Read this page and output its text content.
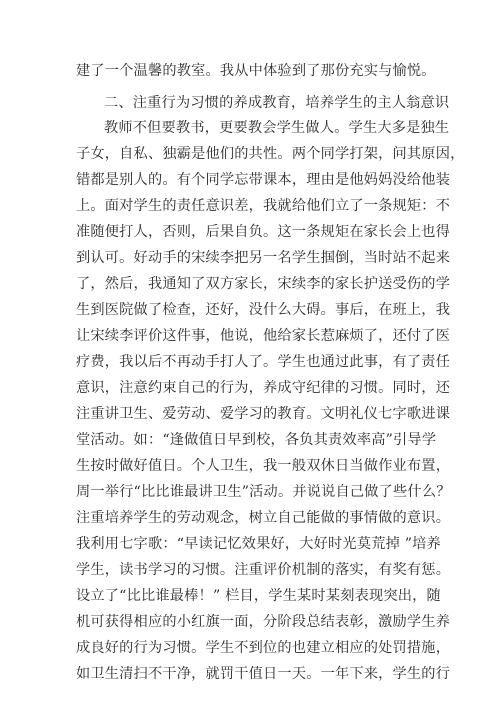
建了一个温馨的教室。我从中体验到了那份充实与愉悦。
二、注重行为习惯的养成教育，培养学生的主人翁意识
教师不但要教书，更要教会学生做人。学生大多是独生
子女，自私、独霸是他们的共性。两个同学打架，问其原因，
错都是别人的。有个同学忘带课本，理由是他妈妈没给他装
上。面对学生的责任意识差，我就给他们立了一条规矩：不
准随便打人，否则，后果自负。这一条规矩在家长会上也得
到认可。好动手的宋续李把另一名学生掴倒，当时站不起来
了，然后，我通知了双方家长，宋续李的家长护送受伤的学
生到医院做了检查，还好，没什么大碍。事后，在班上，我
让宋续李评价这件事，他说，他给家长惹麻烦了，还付了医
疗费，我以后不再动手打人了。学生也通过此事，有了责任
意识，注意约束自己的行为，养成守纪律的习惯。同时，还
注重讲卫生、爱劳动、爱学习的教育。文明礼仪七字歌进课
堂活动。如：“逢做值日早到校，各负其责效率高”引导学
生按时做好值日。个人卫生，我一般双休日当做作业布置，
周一举行“比比谁最讲卫生”活动。并说说自己做了些什么？
注重培养学生的劳动观念，树立自己能做的事情做的意识。
我利用七字歌：“早读记忆效果好，大好时光莫荒掉 ”培养
学生，读书学习的习惯。注重评价机制的落实，有奖有惩。
设立了“比比谁最棒！” 栏目，学生某时某刻表现突出，随
机可获得相应的小红旗一面，分阶段总结表彰，激励学生养
成良好的行为习惯。学生不到位的也建立相应的处罚措施，
如卫生清扫不干净，就罚干值日一天。一年下来，学生的行
